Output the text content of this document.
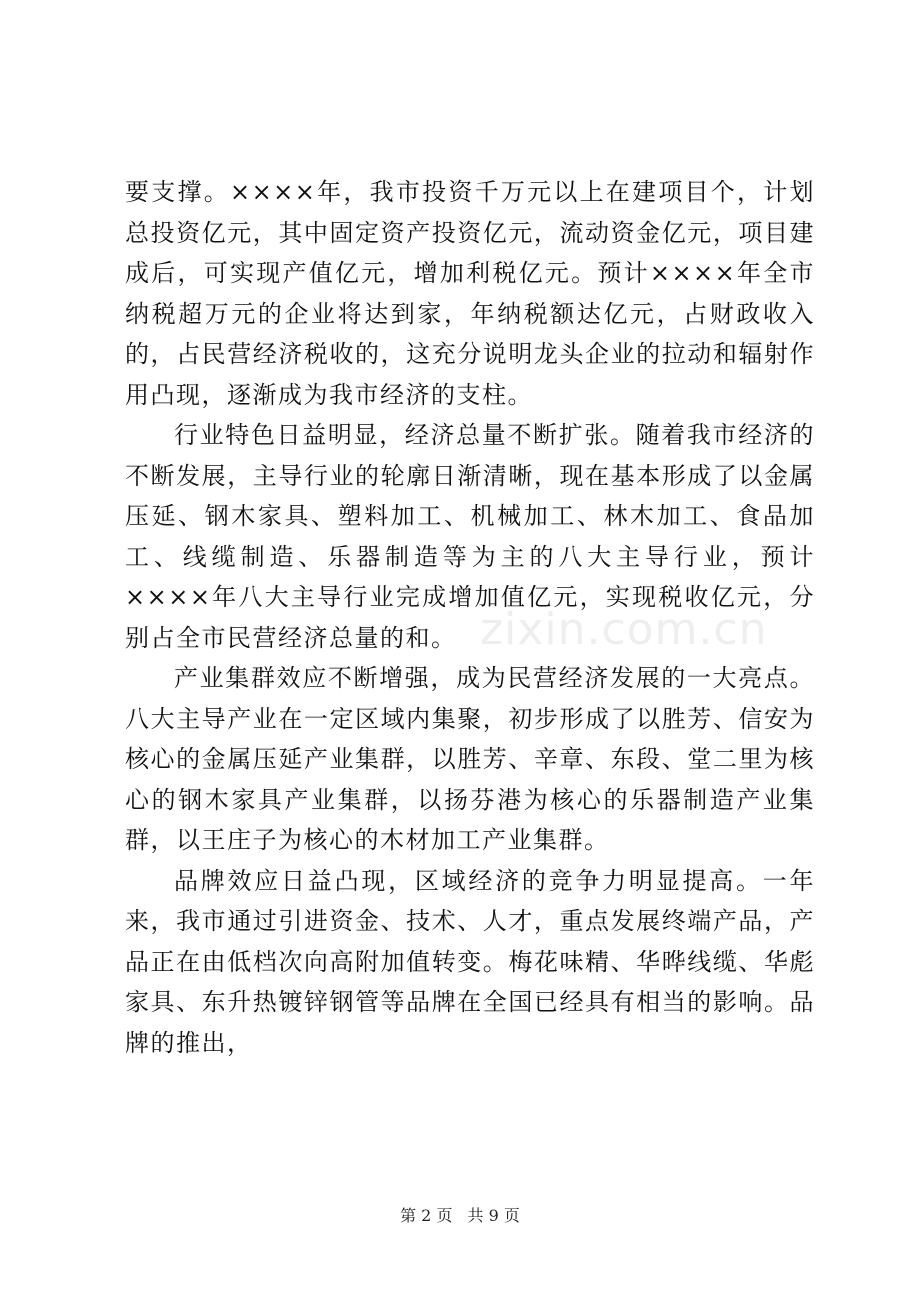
要支撑。××××年，我市投资千万元以上在建项目个，计划总投资亿元，其中固定资产投资亿元，流动资金亿元，项目建成后，可实现产值亿元，增加利税亿元。预计××××年全市纳税超万元的企业将达到家，年纳税额达亿元，占财政收入的，占民营经济税收的，这充分说明龙头企业的拉动和辐射作用凸现，逐渐成为我市经济的支柱。

行业特色日益明显，经济总量不断扩张。随着我市经济的不断发展，主导行业的轮廓日渐清晰，现在基本形成了以金属压延、钢木家具、塑料加工、机械加工、林木加工、食品加工、线缆制造、乐器制造等为主的八大主导行业，预计××××年八大主导行业完成增加值亿元，实现税收亿元，分别占全市民营经济总量的和。

产业集群效应不断增强，成为民营经济发展的一大亮点。八大主导产业在一定区域内集聚，初步形成了以胜芳、信安为核心的金属压延产业集群，以胜芳、辛章、东段、堂二里为核心的钢木家具产业集群，以扬芬港为核心的乐器制造产业集群，以王庄子为核心的木材加工产业集群。

品牌效应日益凸现，区域经济的竞争力明显提高。一年来，我市通过引进资金、技术、人才，重点发展终端产品，产品正在由低档次向高附加值转变。梅花味精、华晔线缆、华彪家具、东升热镀锌钢管等品牌在全国已经具有相当的影响。品牌的推出，

zixin.com.cn
第 2 页 共 9 页
